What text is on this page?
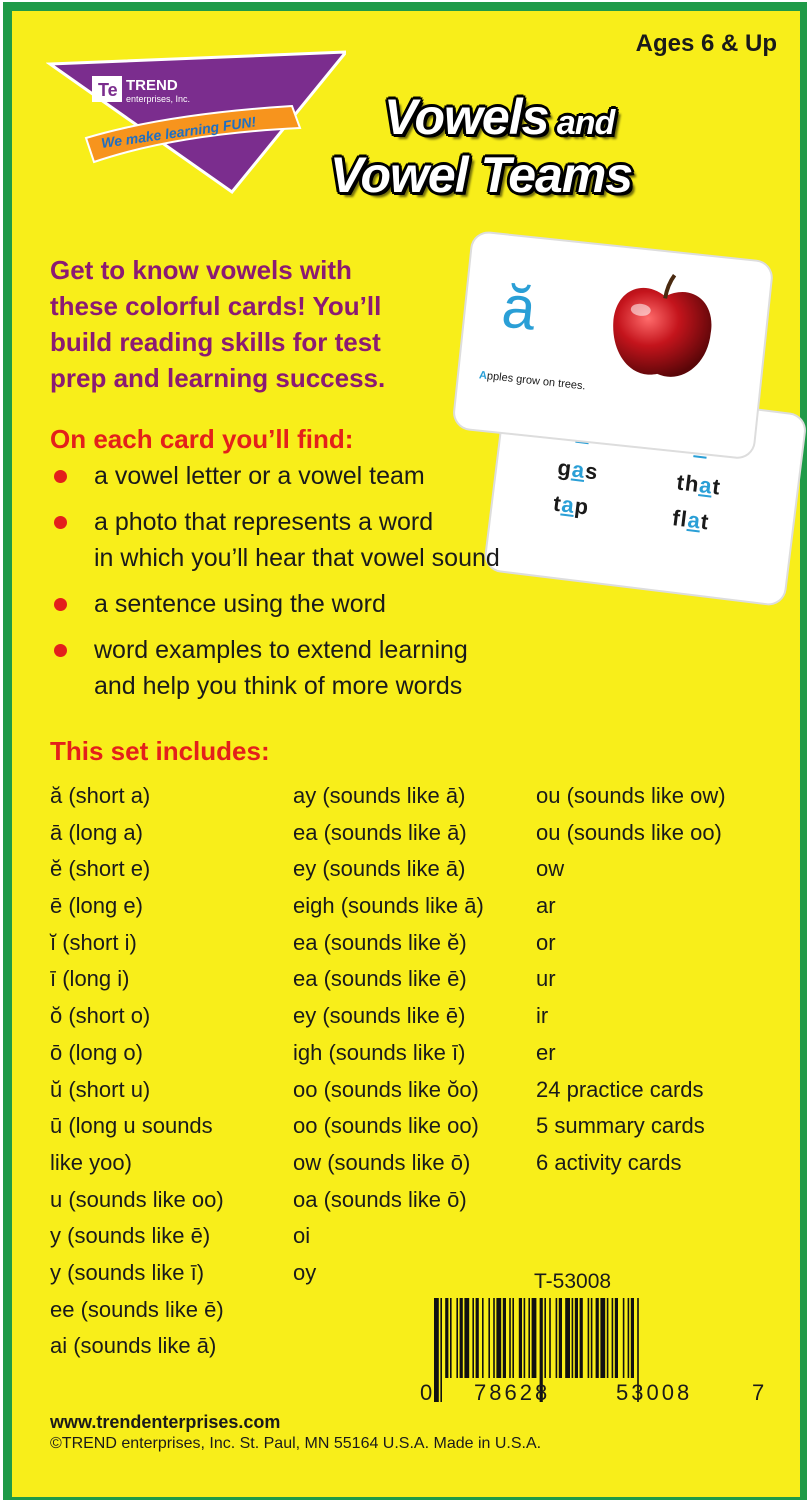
Te TREND
enterprises, Inc.
We make learning FUN!
Ages 6 & Up
Vowels and
Vowel Teams
Get to know vowels with
these colorful cards! You’ll
build reading skills for test
prep and learning success.
gas	that
tap	flat
ă
Apples grow on trees.
On each card you’ll find:
a vowel letter or a vowel team
a photo that represents a word
in which you’ll hear that vowel sound
a sentence using the word
word examples to extend learning
and help you think of more words
This set includes:
ă (short a)
ā (long a)
ĕ (short e)
ē (long e)
ĭ (short i)
ī (long i)
ŏ (short o)
ō (long o)
ŭ (short u)
ū (long u sounds
like yoo)
u (sounds like oo)
y (sounds like ē)
y (sounds like ī)
ee (sounds like ē)
ai (sounds like ā)
ay (sounds like ā)
ea (sounds like ā)
ey (sounds like ā)
eigh (sounds like ā)
ea (sounds like ĕ)
ea (sounds like ē)
ey (sounds like ē)
igh (sounds like ī)
oo (sounds like ŏo)
oo (sounds like oo)
ow (sounds like ō)
oa (sounds like ō)
oi
oy
ou (sounds like ow)
ou (sounds like oo)
ow
ar
or
ur
ir
er
24 practice cards
5 summary cards
6 activity cards
T-53008
0 78628	53008	7
www.trendenterprises.com
©TREND enterprises, Inc. St. Paul, MN 55164 U.S.A. Made in U.S.A.
